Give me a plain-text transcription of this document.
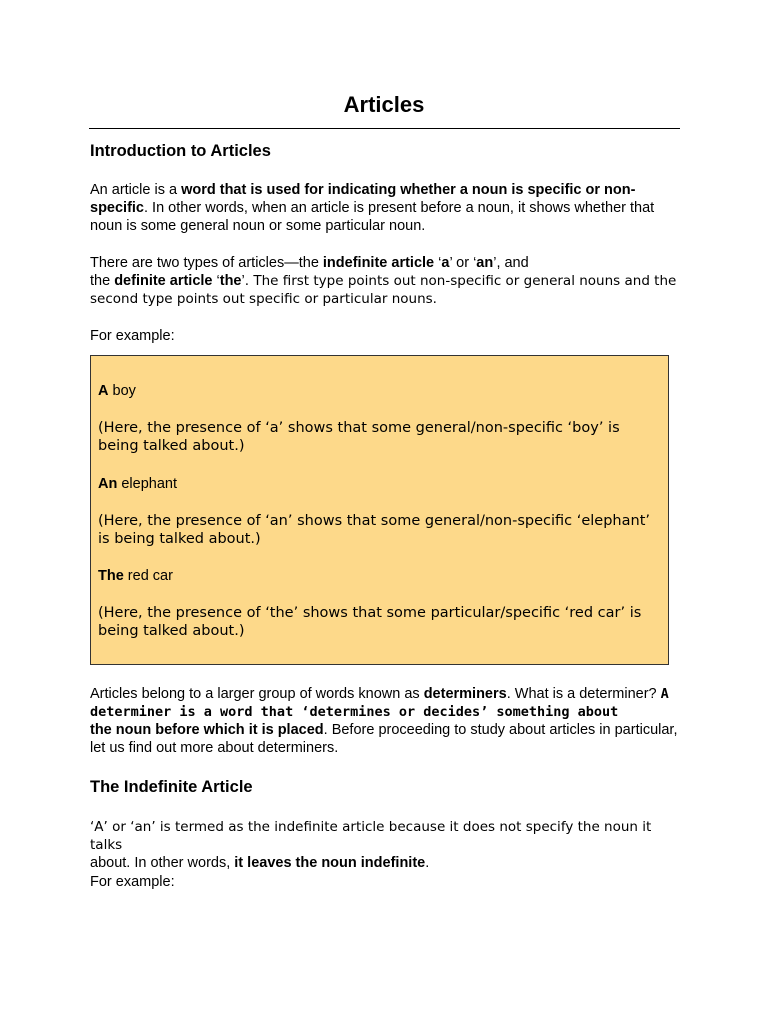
Articles
Introduction to Articles

An article is a word that is used for indicating whether a noun is specific or non-specific. In other words, when an article is present before a noun, it shows whether that noun is some general noun or some particular noun.

There are two types of articles—the indefinite article ‘a’ or ‘an’, and
the definite article ‘the’. The first type points out non-specific or general nouns and the second type points out specific or particular nouns.

For example:

A boy

(Here, the presence of ‘a’ shows that some general/non-specific ‘boy’ is being talked about.)

An elephant

(Here, the presence of ‘an’ shows that some general/non-specific ‘elephant’ is being talked about.)

The red car

(Here, the presence of ‘the’ shows that some particular/specific ‘red car’ is being talked about.)

Articles belong to a larger group of words known as determiners. What is a determiner? A determiner is a word that ‘determines or decides’ something about
the noun before which it is placed. Before proceeding to study about articles in particular, let us find out more about determiners.

The Indefinite Article

‘A’ or ‘an’ is termed as the indefinite article because it does not specify the noun it talks
about. In other words, it leaves the noun indefinite.

For example:
